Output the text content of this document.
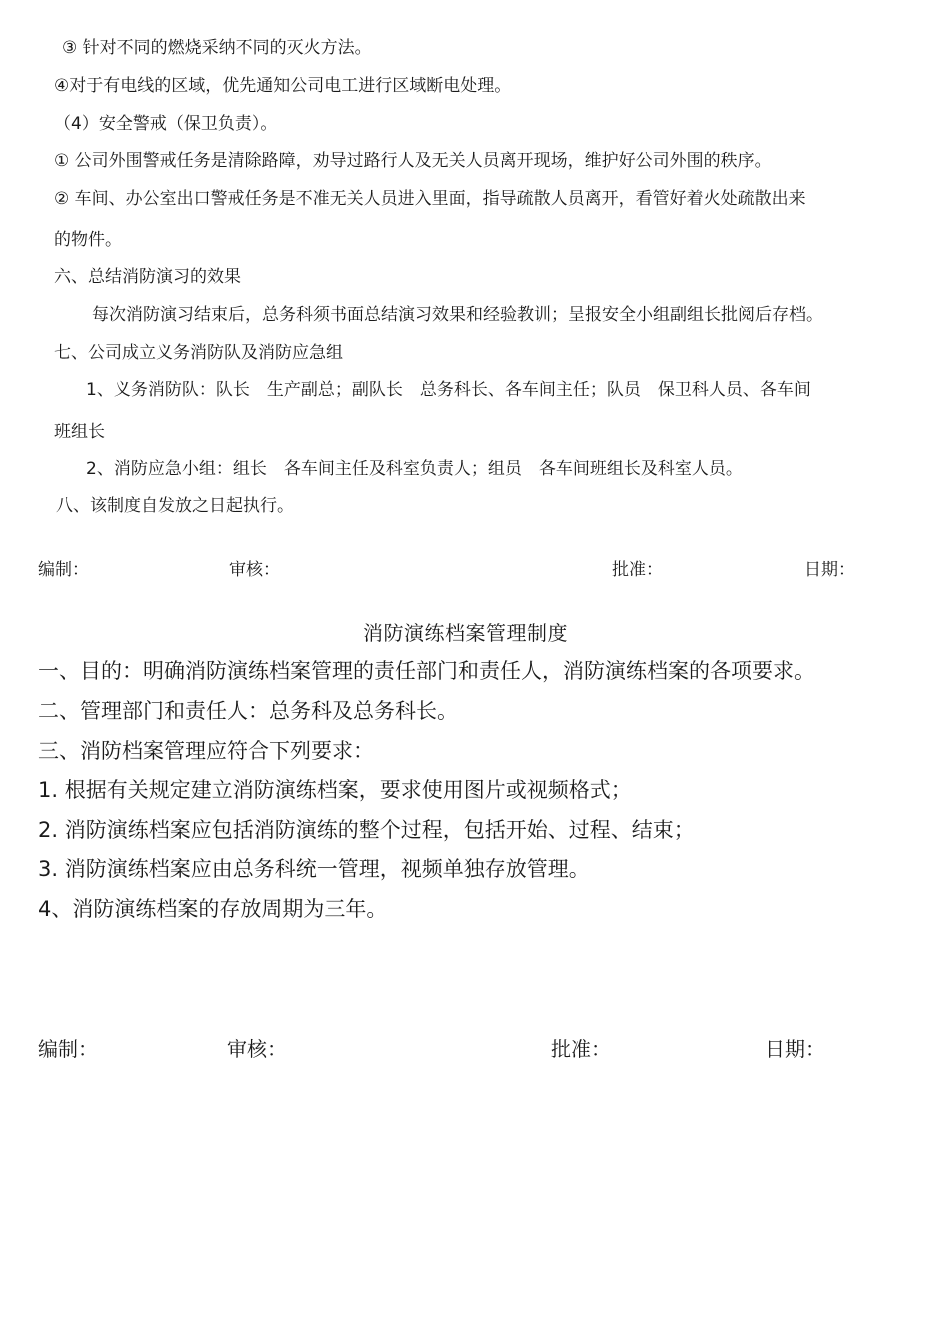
③ 针对不同的燃烧采纳不同的灭火方法。
④对于有电线的区域，优先通知公司电工进行区域断电处理。
（4）安全警戒（保卫负责）。
① 公司外围警戒任务是清除路障，劝导过路行人及无关人员离开现场，维护好公司外围的秩序。
② 车间、办公室出口警戒任务是不准无关人员进入里面，指导疏散人员离开，看管好着火处疏散出来
的物件。
六、总结消防演习的效果
每次消防演习结束后，总务科须书面总结演习效果和经验教训；呈报安全小组副组长批阅后存档。
七、公司成立义务消防队及消防应急组
1、义务消防队：队长　生产副总；副队长　总务科长、各车间主任；队员　保卫科人员、各车间
班组长
2、消防应急小组：组长　各车间主任及科室负责人；组员　各车间班组长及科室人员。
八、该制度自发放之日起执行。
编制：	审核：	批准：	日期：
消防演练档案管理制度
一、目的：明确消防演练档案管理的责任部门和责任人，消防演练档案的各项要求。
二、管理部门和责任人：总务科及总务科长。
三、消防档案管理应符合下列要求：
1. 根据有关规定建立消防演练档案，要求使用图片或视频格式；
2. 消防演练档案应包括消防演练的整个过程，包括开始、过程、结束；
3. 消防演练档案应由总务科统一管理，视频单独存放管理。
4、消防演练档案的存放周期为三年。
编制：	审核：	批准：	日期：
